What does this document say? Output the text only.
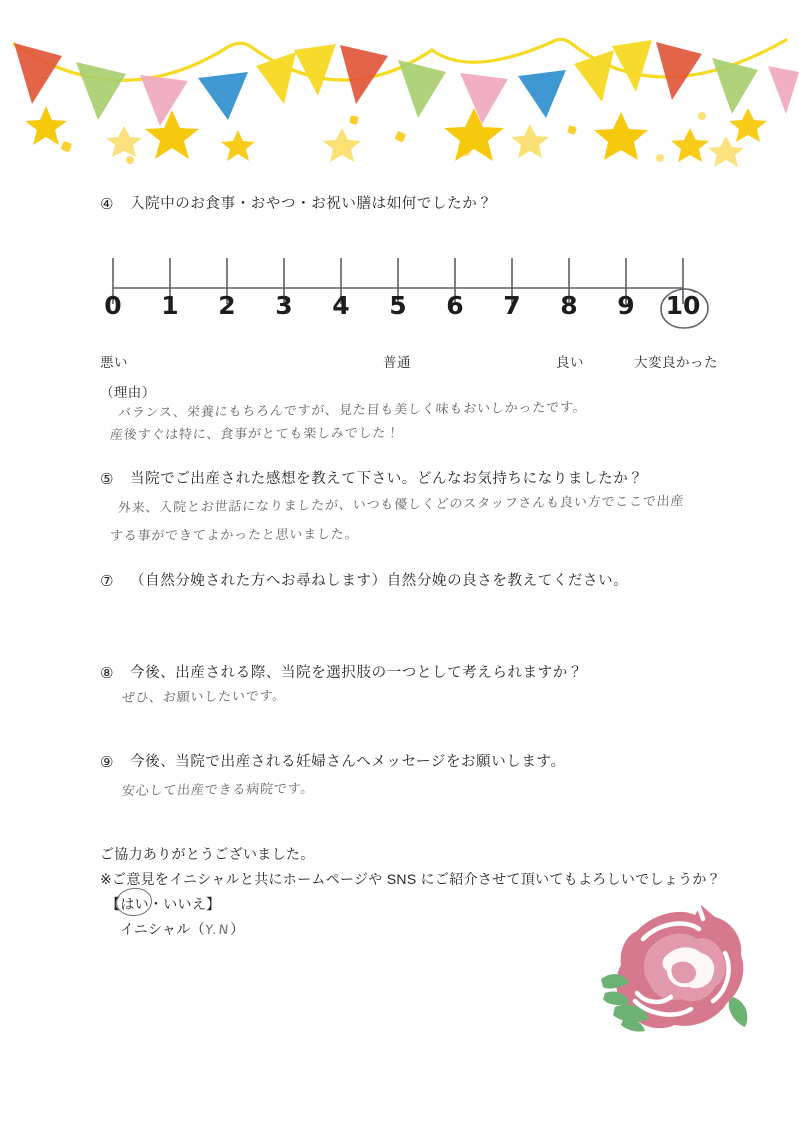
④	入院中のお食事・おやつ・お祝い膳は如何でしたか？
0	1	2	3	4	5	6	7	8	9	10
悪い	普通	良い	大変良かった
（理由）
バランス、栄養にもちろんですが、見た目も美しく味もおいしかったです。
産後すぐは特に、食事がとても楽しみでした！
⑤	当院でご出産された感想を教えて下さい。どんなお気持ちになりましたか？
外来、入院とお世話になりましたが、いつも優しくどのスタッフさんも良い方でここで出産
する事ができてよかったと思いました。
⑦	（自然分娩された方へお尋ねします）自然分娩の良さを教えてください。
⑧	今後、出産される際、当院を選択肢の一つとして考えられますか？
ぜひ、お願いしたいです。
⑨	今後、当院で出産される妊婦さんへメッセージをお願いします。
安心して出産できる病院です。
ご協力ありがとうございました。
※ご意見をイニシャルと共にホームページや SNS にご紹介させて頂いてもよろしいでしょうか？
【はい
・いいえ】
イニシャル（Y.N）
